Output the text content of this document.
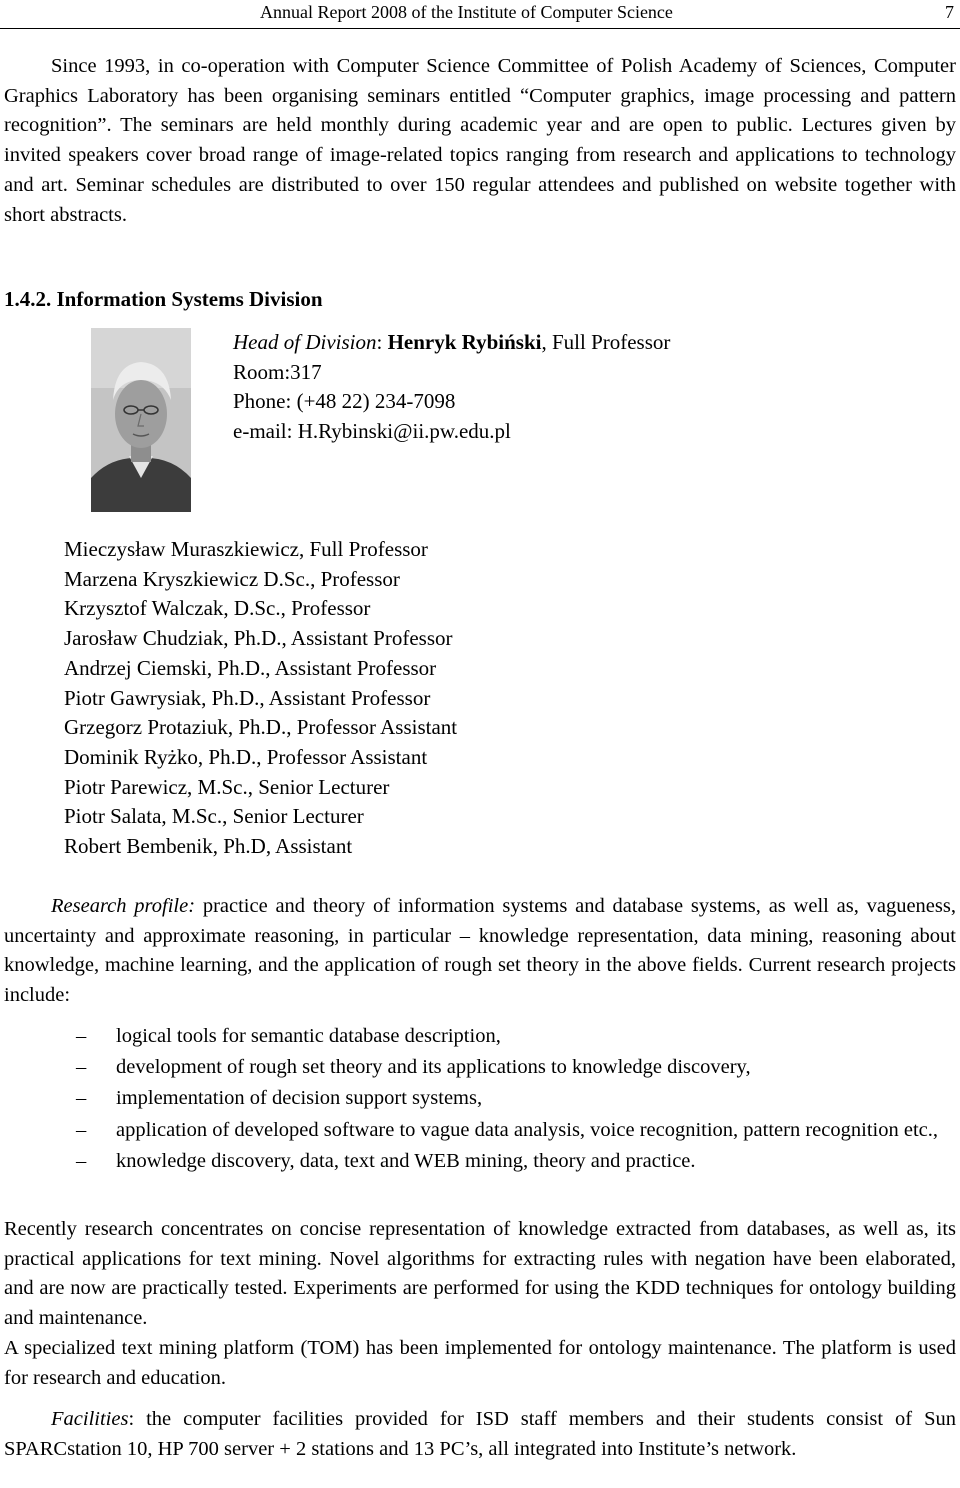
Annual Report 2008 of the Institute of Computer Science	7

Since 1993, in co-operation with Computer Science Committee of Polish Academy of Sciences, Computer Graphics Laboratory has been organising seminars entitled “Computer graphics, image processing and pattern recognition”. The seminars are held monthly during academic year and are open to public. Lectures given by invited speakers cover broad range of image-related topics ranging from research and applications to technology and art. Seminar schedules are distributed to over 150 regular attendees and published on website together with short abstracts.

1.4.2. Information Systems Division
Head of Division: Henryk Rybiński, Full Professor
Room:317
Phone: (+48 22) 234-7098
e-mail: H.Rybinski@ii.pw.edu.pl
Mieczysław Muraszkiewicz, Full Professor
Marzena Kryszkiewicz D.Sc., Professor
Krzysztof Walczak, D.Sc., Professor
Jarosław Chudziak, Ph.D., Assistant Professor
Andrzej Ciemski, Ph.D., Assistant Professor
Piotr Gawrysiak, Ph.D., Assistant Professor
Grzegorz Protaziuk, Ph.D., Professor Assistant
Dominik Ryżko, Ph.D., Professor Assistant
Piotr Parewicz, M.Sc., Senior Lecturer
Piotr Salata, M.Sc., Senior Lecturer
Robert Bembenik, Ph.D, Assistant

Research profile: practice and theory of information systems and database systems, as well as, vagueness, uncertainty and approximate reasoning, in particular – knowledge representation, data mining, reasoning about knowledge, machine learning, and the application of rough set theory in the above fields. Current research projects include:

– logical tools for semantic database description,
– development of rough set theory and its applications to knowledge discovery,
– implementation of decision support systems,
– application of developed software to vague data analysis, voice recognition, pattern recognition etc.,
– knowledge discovery, data, text and WEB mining, theory and practice.

Recently research concentrates on concise representation of knowledge extracted from databases, as well as, its practical applications for text mining. Novel algorithms for extracting rules with negation have been elaborated, and are now are practically tested. Experiments are performed for using the KDD techniques for ontology building and maintenance.

A specialized text mining platform (TOM) has been implemented for ontology maintenance. The platform is used for research and education.

Facilities: the computer facilities provided for ISD staff members and their students consist of Sun SPARCstation 10, HP 700 server + 2 stations and 13 PC’s, all integrated into Institute’s network.
